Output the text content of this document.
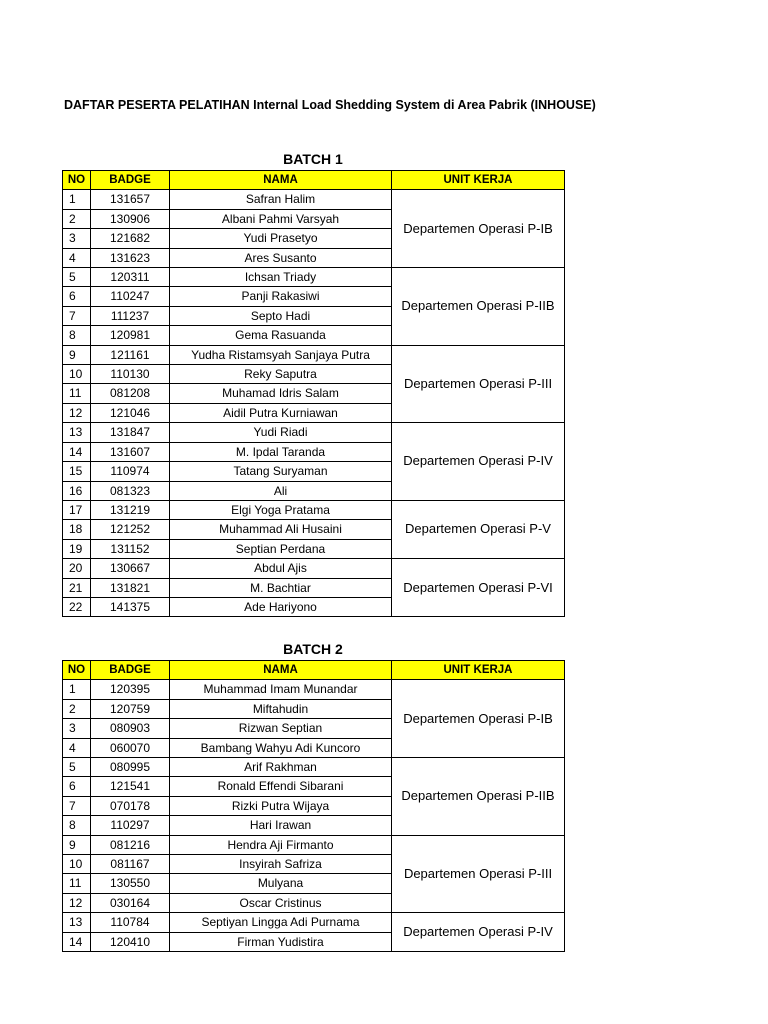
DAFTAR PESERTA PELATIHAN Internal Load Shedding System di Area Pabrik (INHOUSE)
BATCH 1
NO	BADGE	NAMA	UNIT KERJA
1	131657	Safran Halim	Departemen Operasi P-IB
2	130906	Albani Pahmi Varsyah	
3	121682	Yudi Prasetyo	
4	131623	Ares Susanto	
5	120311	Ichsan Triady	Departemen Operasi P-IIB
6	110247	Panji Rakasiwi	
7	111237	Septo Hadi	
8	120981	Gema Rasuanda	
9	121161	Yudha Ristamsyah Sanjaya Putra	Departemen Operasi P-III
10	110130	Reky Saputra	
11	081208	Muhamad Idris Salam	
12	121046	Aidil Putra Kurniawan	
13	131847	Yudi Riadi	Departemen Operasi P-IV
14	131607	M. Ipdal Taranda	
15	110974	Tatang Suryaman	
16	081323	Ali	
17	131219	Elgi Yoga Pratama	Departemen Operasi P-V
18	121252	Muhammad Ali Husaini	
19	131152	Septian Perdana	
20	130667	Abdul Ajis	Departemen Operasi P-VI
21	131821	M. Bachtiar	
22	141375	Ade Hariyono	
BATCH 2
NO	BADGE	NAMA	UNIT KERJA
1	120395	Muhammad Imam Munandar	Departemen Operasi P-IB
2	120759	Miftahudin	
3	080903	Rizwan Septian	
4	060070	Bambang Wahyu Adi Kuncoro	
5	080995	Arif Rakhman	Departemen Operasi P-IIB
6	121541	Ronald Effendi Sibarani	
7	070178	Rizki Putra Wijaya	
8	110297	Hari Irawan	
9	081216	Hendra Aji Firmanto	Departemen Operasi P-III
10	081167	Insyirah Safriza	
11	130550	Mulyana	
12	030164	Oscar Cristinus	
13	110784	Septiyan Lingga Adi Purnama	Departemen Operasi P-IV
14	120410	Firman Yudistira	
